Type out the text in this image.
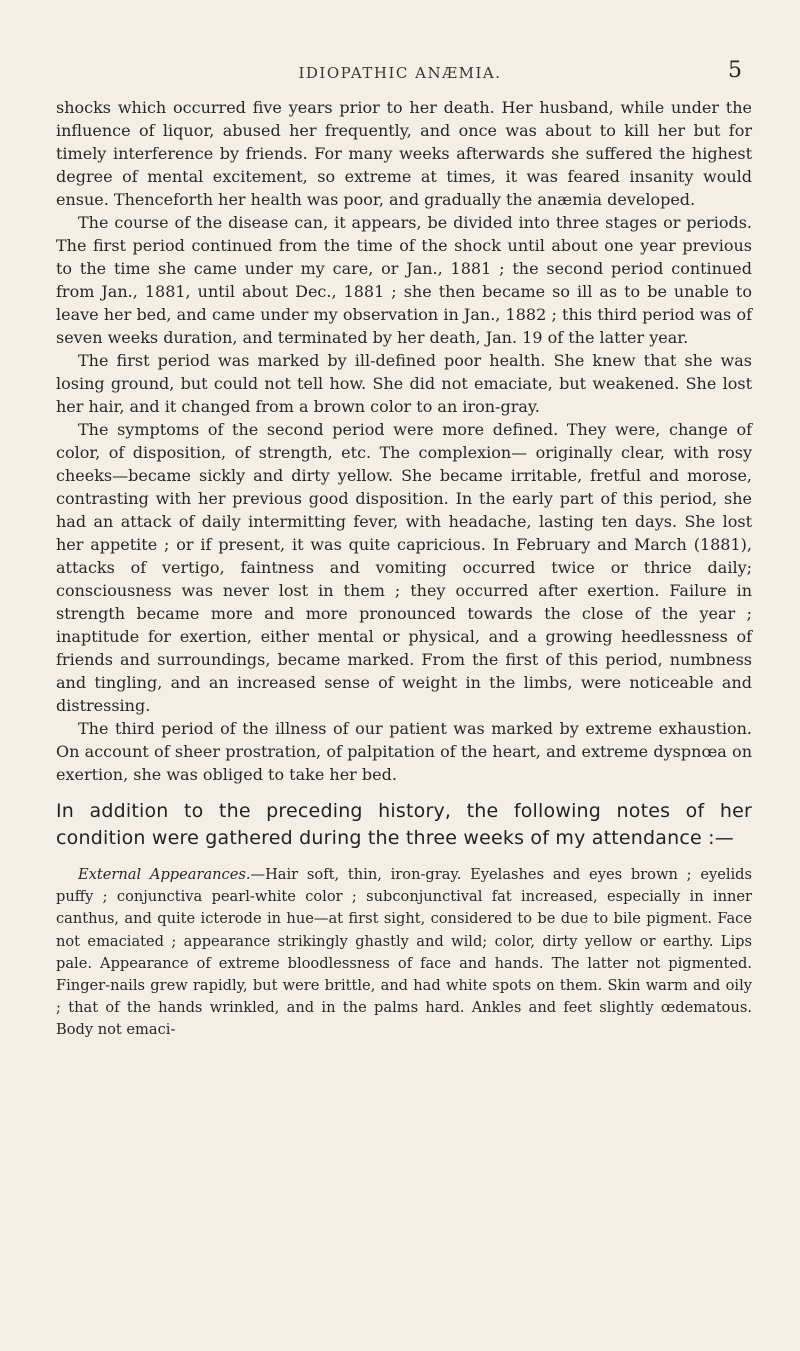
IDIOPATHIC ANÆMIA.	5

shocks which occurred five years prior to her death. Her husband, while under the influence of liquor, abused her frequently, and once was about to kill her but for timely interference by friends. For many weeks afterwards she suffered the highest degree of mental excitement, so extreme at times, it was feared insanity would ensue. Thenceforth her health was poor, and gradually the anæmia developed.

The course of the disease can, it appears, be divided into three stages or periods. The first period continued from the time of the shock until about one year previous to the time she came under my care, or Jan., 1881 ; the second period continued from Jan., 1881, until about Dec., 1881 ; she then became so ill as to be unable to leave her bed, and came under my observation in Jan., 1882 ; this third period was of seven weeks duration, and terminated by her death, Jan. 19 of the latter year.

The first period was marked by ill-defined poor health. She knew that she was losing ground, but could not tell how. She did not emaciate, but weakened. She lost her hair, and it changed from a brown color to an iron-gray.

The symptoms of the second period were more defined. They were, change of color, of disposition, of strength, etc. The complexion— originally clear, with rosy cheeks—became sickly and dirty yellow. She became irritable, fretful and morose, contrasting with her previous good disposition. In the early part of this period, she had an attack of daily intermitting fever, with headache, lasting ten days. She lost her appetite ; or if present, it was quite capricious. In February and March (1881), attacks of vertigo, faintness and vomiting occurred twice or thrice daily; consciousness was never lost in them ; they occurred after exertion. Failure in strength became more and more pronounced towards the close of the year ; inaptitude for exertion, either mental or physical, and a growing heedlessness of friends and surroundings, became marked. From the first of this period, numbness and tingling, and an increased sense of weight in the limbs, were noticeable and distressing.

The third period of the illness of our patient was marked by extreme exhaustion. On account of sheer prostration, of palpitation of the heart, and extreme dyspnœa on exertion, she was obliged to take her bed.

In addition to the preceding history, the following notes of her condition were gathered during the three weeks of my attendance :—

External Appearances.—Hair soft, thin, iron-gray. Eyelashes and eyes brown ; eyelids puffy ; conjunctiva pearl-white color ; subconjunctival fat increased, especially in inner canthus, and quite icterode in hue—at first sight, considered to be due to bile pigment. Face not emaciated ; appearance strikingly ghastly and wild; color, dirty yellow or earthy. Lips pale. Appearance of extreme bloodlessness of face and hands. The latter not pigmented. Finger-nails grew rapidly, but were brittle, and had white spots on them. Skin warm and oily ; that of the hands wrinkled, and in the palms hard. Ankles and feet slightly œdematous. Body not emaci-
